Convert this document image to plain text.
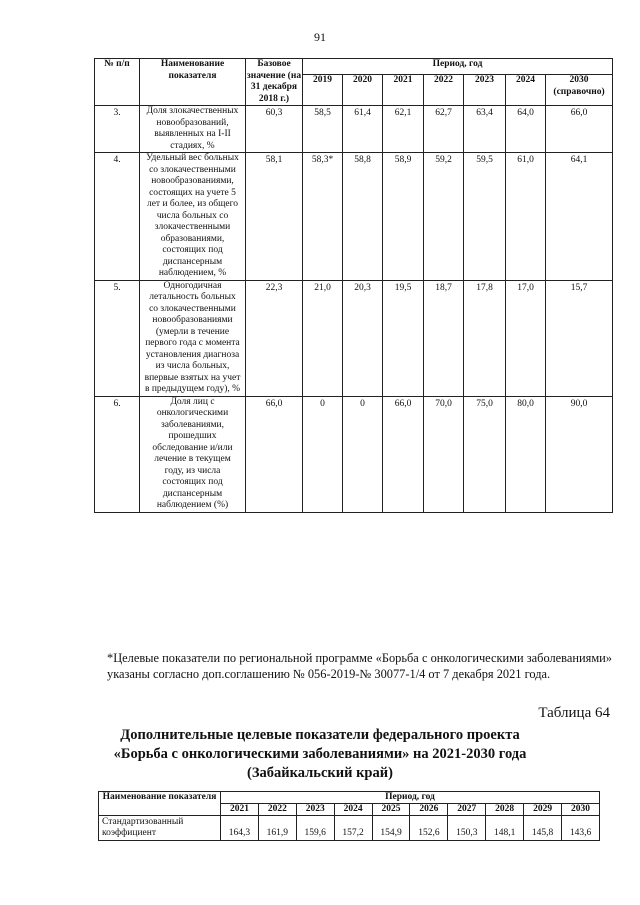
91
№ п/п	Наименование показателя	Базовое значение (на 31 декабря 2018 г.)	Период, год						
			2019	2020	2021	2022	2023	2024	2030 (справочно)
3.	Доля злокачественных новообразований, выявленных на I-II стадиях, %	60,3	58,5	61,4	62,1	62,7	63,4	64,0	66,0
4.	Удельный вес больных со злокачественными новообразованиями, состоящих на учете 5 лет и более, из общего числа больных со злокачественными образованиями, состоящих под диспансерным наблюдением, %	58,1	58,3*	58,8	58,9	59,2	59,5	61,0	64,1
5.	Одногодичная летальность больных со злокачественными новообразованиями (умерли в течение первого года с момента установления диагноза из числа больных, впервые взятых на учет в предыдущем году), %	22,3	21,0	20,3	19,5	18,7	17,8	17,0	15,7
6.	Доля лиц с онкологическими заболеваниями, прошедших обследование и/или лечение в текущем году, из числа состоящих под диспансерным наблюдением (%)	66,0	0	0	66,0	70,0	75,0	80,0	90,0
*Целевые показатели по региональной программе «Борьба с онкологическими заболеваниями» указаны согласно доп.соглашению № 056-2019-№ 30077-1/4 от 7 декабря 2021 года.
Таблица 64
Дополнительные целевые показатели федерального проекта
«Борьба с онкологическими заболеваниями» на 2021-2030 года
(Забайкальский край)
Наименование показателя	Период, год									
	2021	2022	2023	2024	2025	2026	2027	2028	2029	2030
Стандартизованный коэффициент	164,3	161,9	159,6	157,2	154,9	152,6	150,3	148,1	145,8	143,6
